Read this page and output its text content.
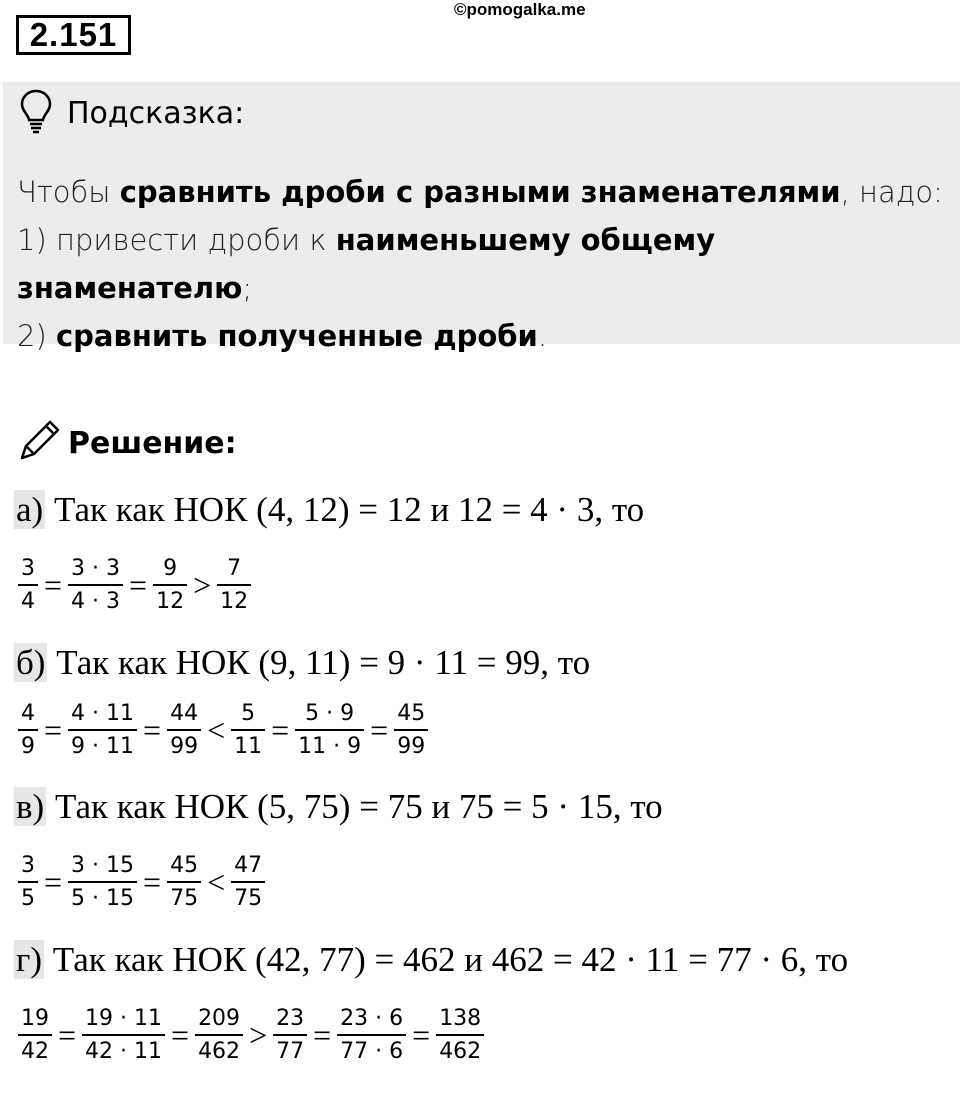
©pomogalka.me
2.151
Подсказка:
Чтобы сравнить дроби с разными знаменателями, надо:
1) привести дроби к наименьшему общему знаменателю;
2) сравнить полученные дроби.
Решение:
а) Так как НОК (4, 12) = 12 и 12 = 4 · 3, то
$\frac{3}{4} = \frac{3 \cdot 3}{4 \cdot 3} = \frac{9}{12} > \frac{7}{12}$
б) Так как НОК (9, 11) = 9 · 11 = 99, то
$\frac{4}{9} = \frac{4 \cdot 11}{9 \cdot 11} = \frac{44}{99} < \frac{5}{11} = \frac{5 \cdot 9}{11 \cdot 9} = \frac{45}{99}$
в) Так как НОК (5, 75) = 75 и 75 = 5 · 15, то
$\frac{3}{5} = \frac{3 \cdot 15}{5 \cdot 15} = \frac{45}{75} < \frac{47}{75}$
г) Так как НОК (42, 77) = 462 и 462 = 42 · 11 = 77 · 6, то
$\frac{19}{42} = \frac{19 \cdot 11}{42 \cdot 11} = \frac{209}{462} > \frac{23}{77} = \frac{23 \cdot 6}{77 \cdot 6} = \frac{138}{462}$
